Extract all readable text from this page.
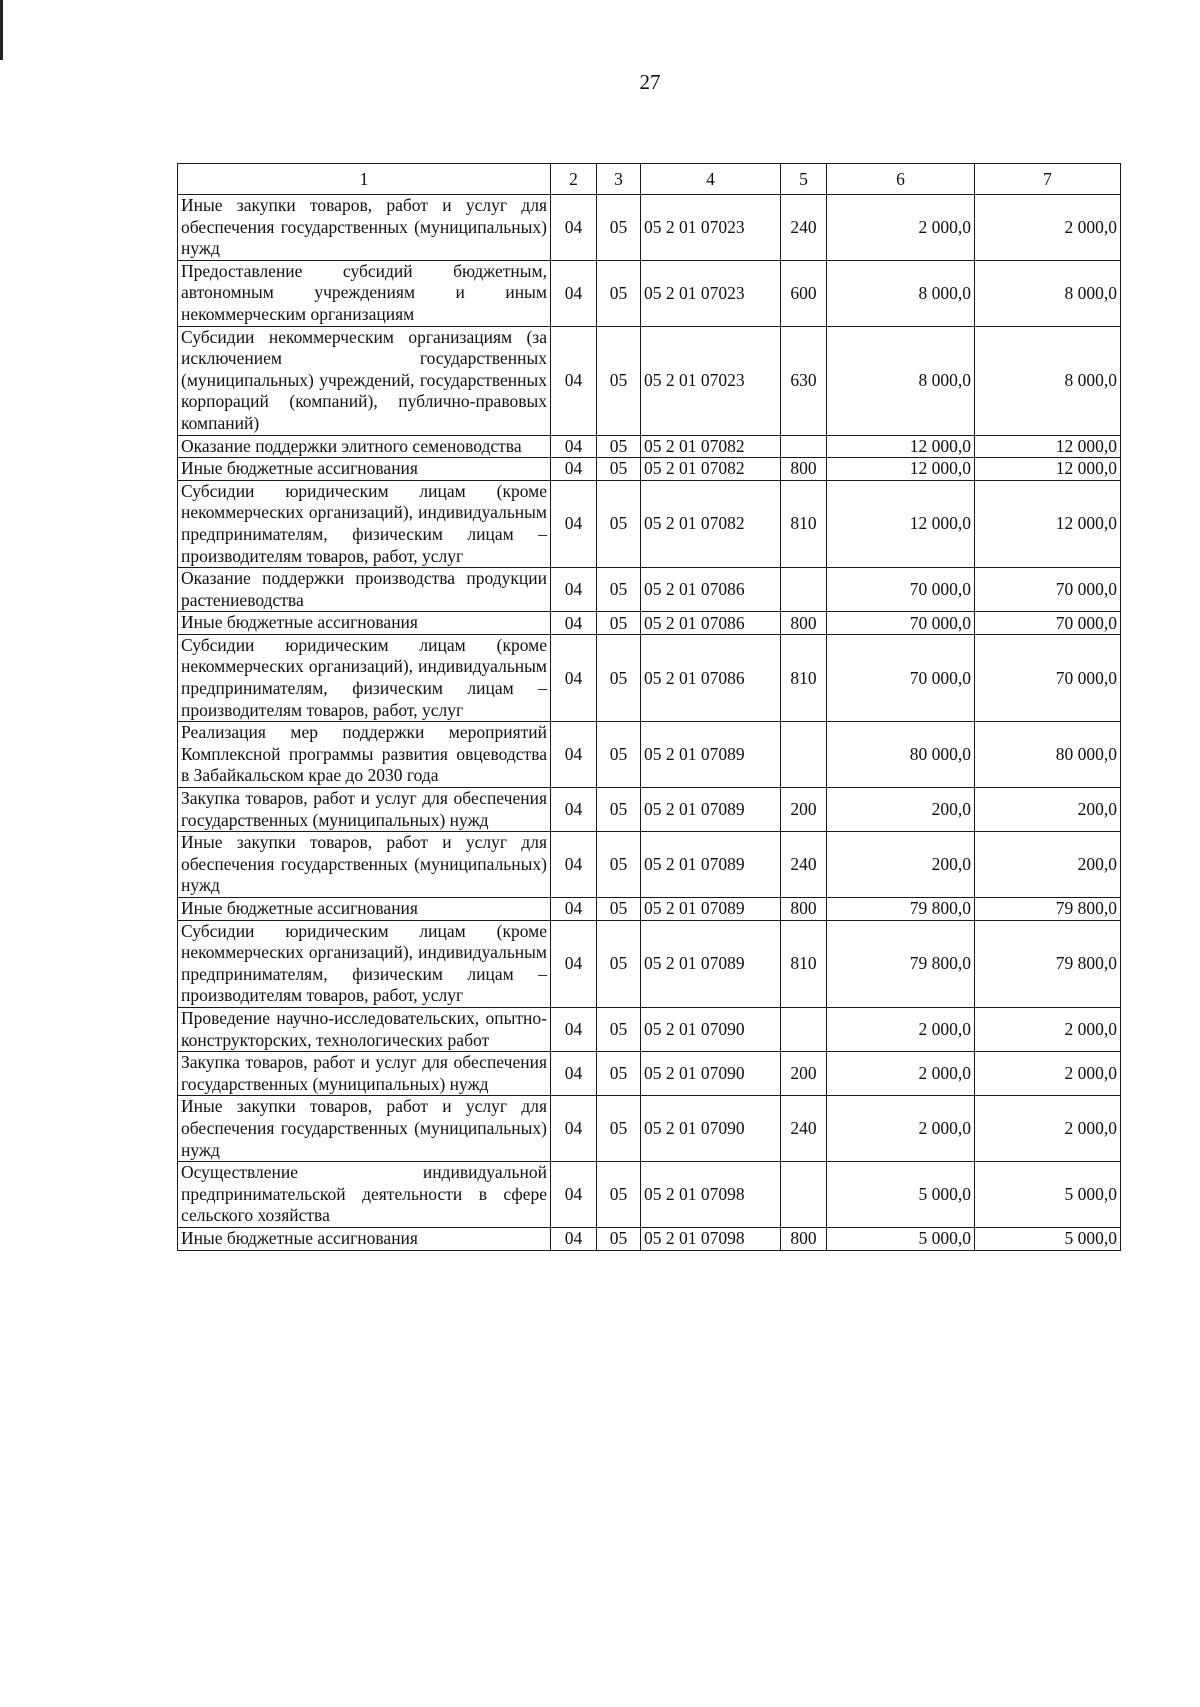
27
1	2	3	4	5	6	7
Иные закупки товаров, работ и услуг для обеспечения государственных (муниципальных) нужд	04	05	05 2 01 07023	240	2 000,0	2 000,0
Предоставление субсидий бюджетным, автономным учреждениям и иным некоммерческим организациям	04	05	05 2 01 07023	600	8 000,0	8 000,0
Субсидии некоммерческим организациям (за исключением государственных (муниципальных) учреждений, государственных корпораций (компаний), публично-правовых компаний)	04	05	05 2 01 07023	630	8 000,0	8 000,0
Оказание поддержки элитного семеноводства	04	05	05 2 01 07082		12 000,0	12 000,0
Иные бюджетные ассигнования	04	05	05 2 01 07082	800	12 000,0	12 000,0
Субсидии юридическим лицам (кроме некоммерческих организаций), индивидуальным предпринимателям, физическим лицам – производителям товаров, работ, услуг	04	05	05 2 01 07082	810	12 000,0	12 000,0
Оказание поддержки производства продукции растениеводства	04	05	05 2 01 07086		70 000,0	70 000,0
Иные бюджетные ассигнования	04	05	05 2 01 07086	800	70 000,0	70 000,0
Субсидии юридическим лицам (кроме некоммерческих организаций), индивидуальным предпринимателям, физическим лицам – производителям товаров, работ, услуг	04	05	05 2 01 07086	810	70 000,0	70 000,0
Реализация мер поддержки мероприятий Комплексной программы развития овцеводства в Забайкальском крае до 2030 года	04	05	05 2 01 07089		80 000,0	80 000,0
Закупка товаров, работ и услуг для обеспечения государственных (муниципальных) нужд	04	05	05 2 01 07089	200	200,0	200,0
Иные закупки товаров, работ и услуг для обеспечения государственных (муниципальных) нужд	04	05	05 2 01 07089	240	200,0	200,0
Иные бюджетные ассигнования	04	05	05 2 01 07089	800	79 800,0	79 800,0
Субсидии юридическим лицам (кроме некоммерческих организаций), индивидуальным предпринимателям, физическим лицам – производителям товаров, работ, услуг	04	05	05 2 01 07089	810	79 800,0	79 800,0
Проведение научно-исследовательских, опытно-конструкторских, технологических работ	04	05	05 2 01 07090		2 000,0	2 000,0
Закупка товаров, работ и услуг для обеспечения государственных (муниципальных) нужд	04	05	05 2 01 07090	200	2 000,0	2 000,0
Иные закупки товаров, работ и услуг для обеспечения государственных (муниципальных) нужд	04	05	05 2 01 07090	240	2 000,0	2 000,0
Осуществление индивидуальной предпринимательской деятельности в сфере сельского хозяйства	04	05	05 2 01 07098		5 000,0	5 000,0
Иные бюджетные ассигнования	04	05	05 2 01 07098	800	5 000,0	5 000,0
